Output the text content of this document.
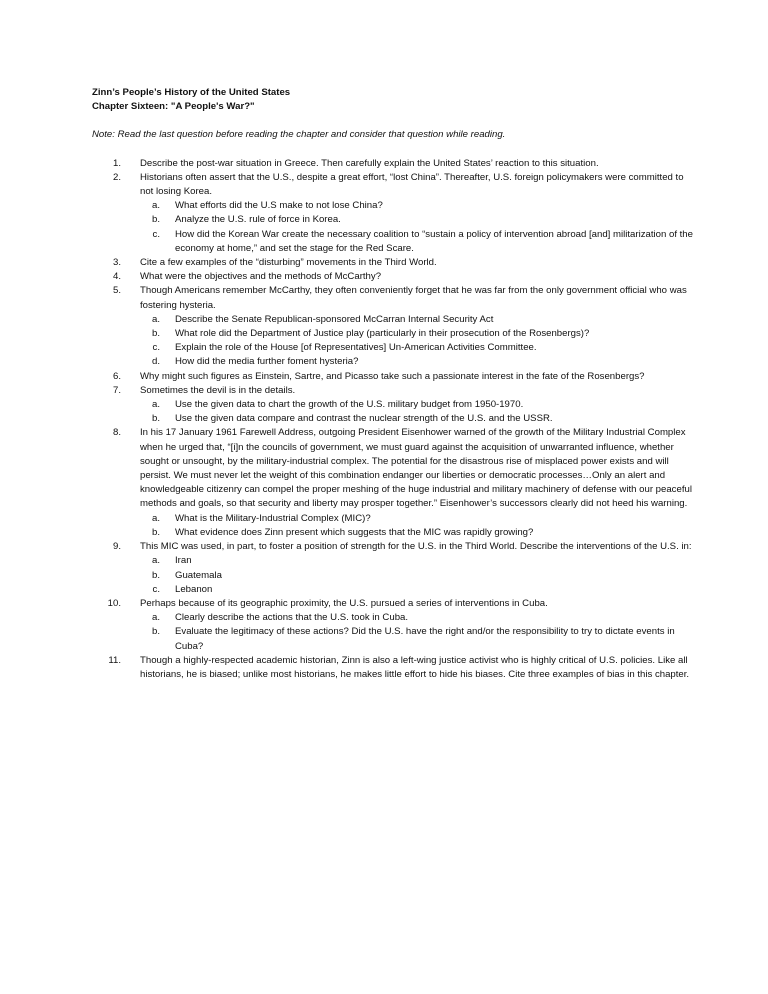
Zinn’s People’s History of the United States
Chapter Sixteen: "A People's War?"
Note: Read the last question before reading the chapter and consider that question while reading.
1. Describe the post-war situation in Greece. Then carefully explain the United States’ reaction to this situation.
2. Historians often assert that the U.S., despite a great effort, “lost China”. Thereafter, U.S. foreign policymakers were committed to not losing Korea.
a. What efforts did the U.S make to not lose China?
b. Analyze the U.S. rule of force in Korea.
c. How did the Korean War create the necessary coalition to “sustain a policy of intervention abroad [and] militarization of the economy at home,” and set the stage for the Red Scare.
3. Cite a few examples of the “disturbing” movements in the Third World.
4. What were the objectives and the methods of McCarthy?
5. Though Americans remember McCarthy, they often conveniently forget that he was far from the only government official who was fostering hysteria.
a. Describe the Senate Republican-sponsored McCarran Internal Security Act
b. What role did the Department of Justice play (particularly in their prosecution of the Rosenbergs)?
c. Explain the role of the House [of Representatives] Un-American Activities Committee.
d. How did the media further foment hysteria?
6. Why might such figures as Einstein, Sartre, and Picasso take such a passionate interest in the fate of the Rosenbergs?
7. Sometimes the devil is in the details.
a. Use the given data to chart the growth of the U.S. military budget from 1950-1970.
b. Use the given data compare and contrast the nuclear strength of the U.S. and the USSR.
8. In his 17 January 1961 Farewell Address, outgoing President Eisenhower warned of the growth of the Military Industrial Complex when he urged that, “[i]n the councils of government, we must guard against the acquisition of unwarranted influence, whether sought or unsought, by the military-industrial complex. The potential for the disastrous rise of misplaced power exists and will persist. We must never let the weight of this combination endanger our liberties or democratic processes…Only an alert and knowledgeable citizenry can compel the proper meshing of the huge industrial and military machinery of defense with our peaceful methods and goals, so that security and liberty may prosper together.” Eisenhower’s successors clearly did not heed his warning.
a. What is the Military-Industrial Complex (MIC)?
b. What evidence does Zinn present which suggests that the MIC was rapidly growing?
9. This MIC was used, in part, to foster a position of strength for the U.S. in the Third World. Describe the interventions of the U.S. in:
a. Iran
b. Guatemala
c. Lebanon
10. Perhaps because of its geographic proximity, the U.S. pursued a series of interventions in Cuba.
a. Clearly describe the actions that the U.S. took in Cuba.
b. Evaluate the legitimacy of these actions? Did the U.S. have the right and/or the responsibility to try to dictate events in Cuba?
11. Though a highly-respected academic historian, Zinn is also a left-wing justice activist who is highly critical of U.S. policies. Like all historians, he is biased; unlike most historians, he makes little effort to hide his biases. Cite three examples of bias in this chapter.
